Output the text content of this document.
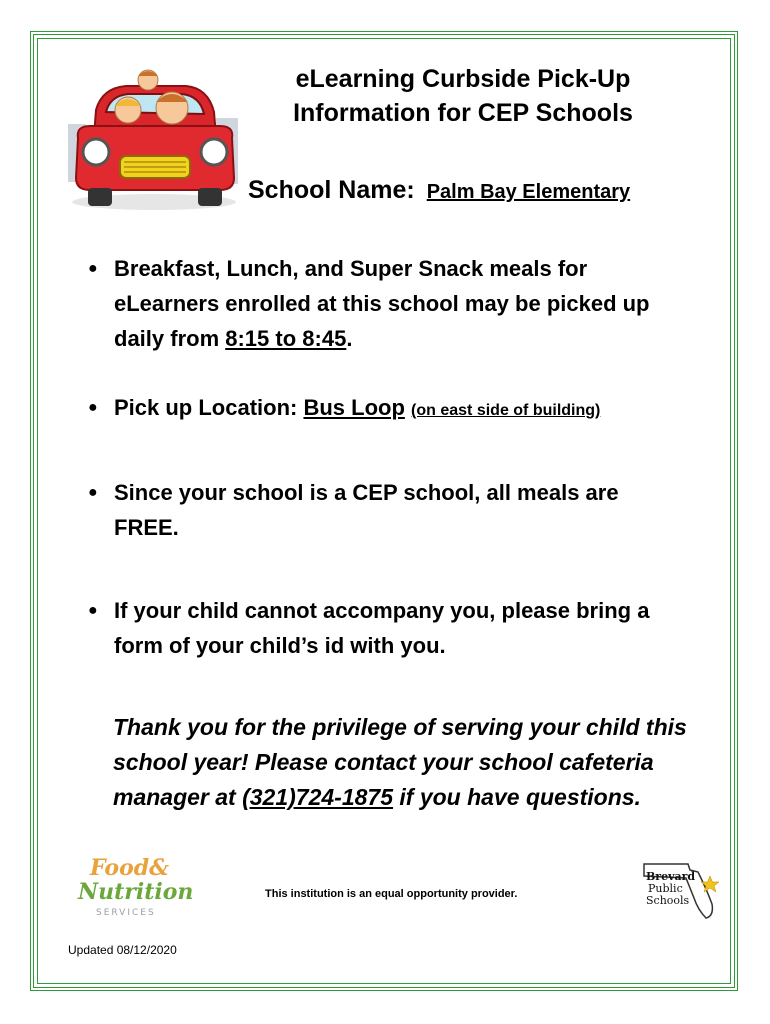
eLearning Curbside Pick-Up
Information for CEP Schools
School Name: Palm Bay Elementary
● Breakfast, Lunch, and Super Snack meals for eLearners enrolled at this school may be picked up daily from 8:15 to 8:45.
● Pick up Location: Bus Loop (on east side of building)
● Since your school is a CEP school, all meals are FREE.
● If your child cannot accompany you, please bring a form of your child’s id with you.
Thank you for the privilege of serving your child this school year! Please contact your school cafeteria manager at (321)724-1875 if you have questions.
Food&
Nutrition
SERVICES
This institution is an equal opportunity provider.
Brevard
Public
Schools
Updated 08/12/2020
